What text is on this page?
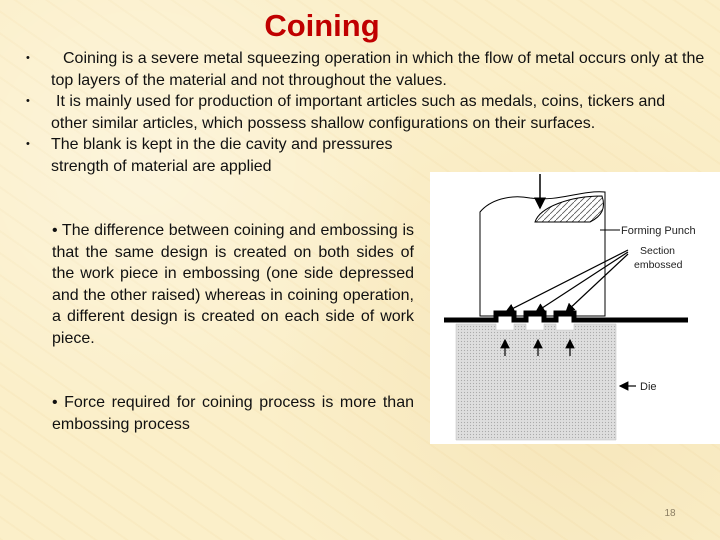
Coining
• Coining is a severe metal squeezing operation in which the flow of metal occurs only at the top layers of the material and not throughout the values.
• It is mainly used for production of important articles such as medals, coins, tickers and other similar articles, which possess shallow configurations on their surfaces.
• The blank is kept in the die cavity and pressures
strength of material are applied
• The difference between coining and embossing is that the same design is created on both sides of the work piece in embossing (one side depressed and the other raised) whereas in coining operation, a different design is created on each side of work piece.
• Force required for coining process is more than embossing process
Forming Punch
Section
embossed
Die
18
